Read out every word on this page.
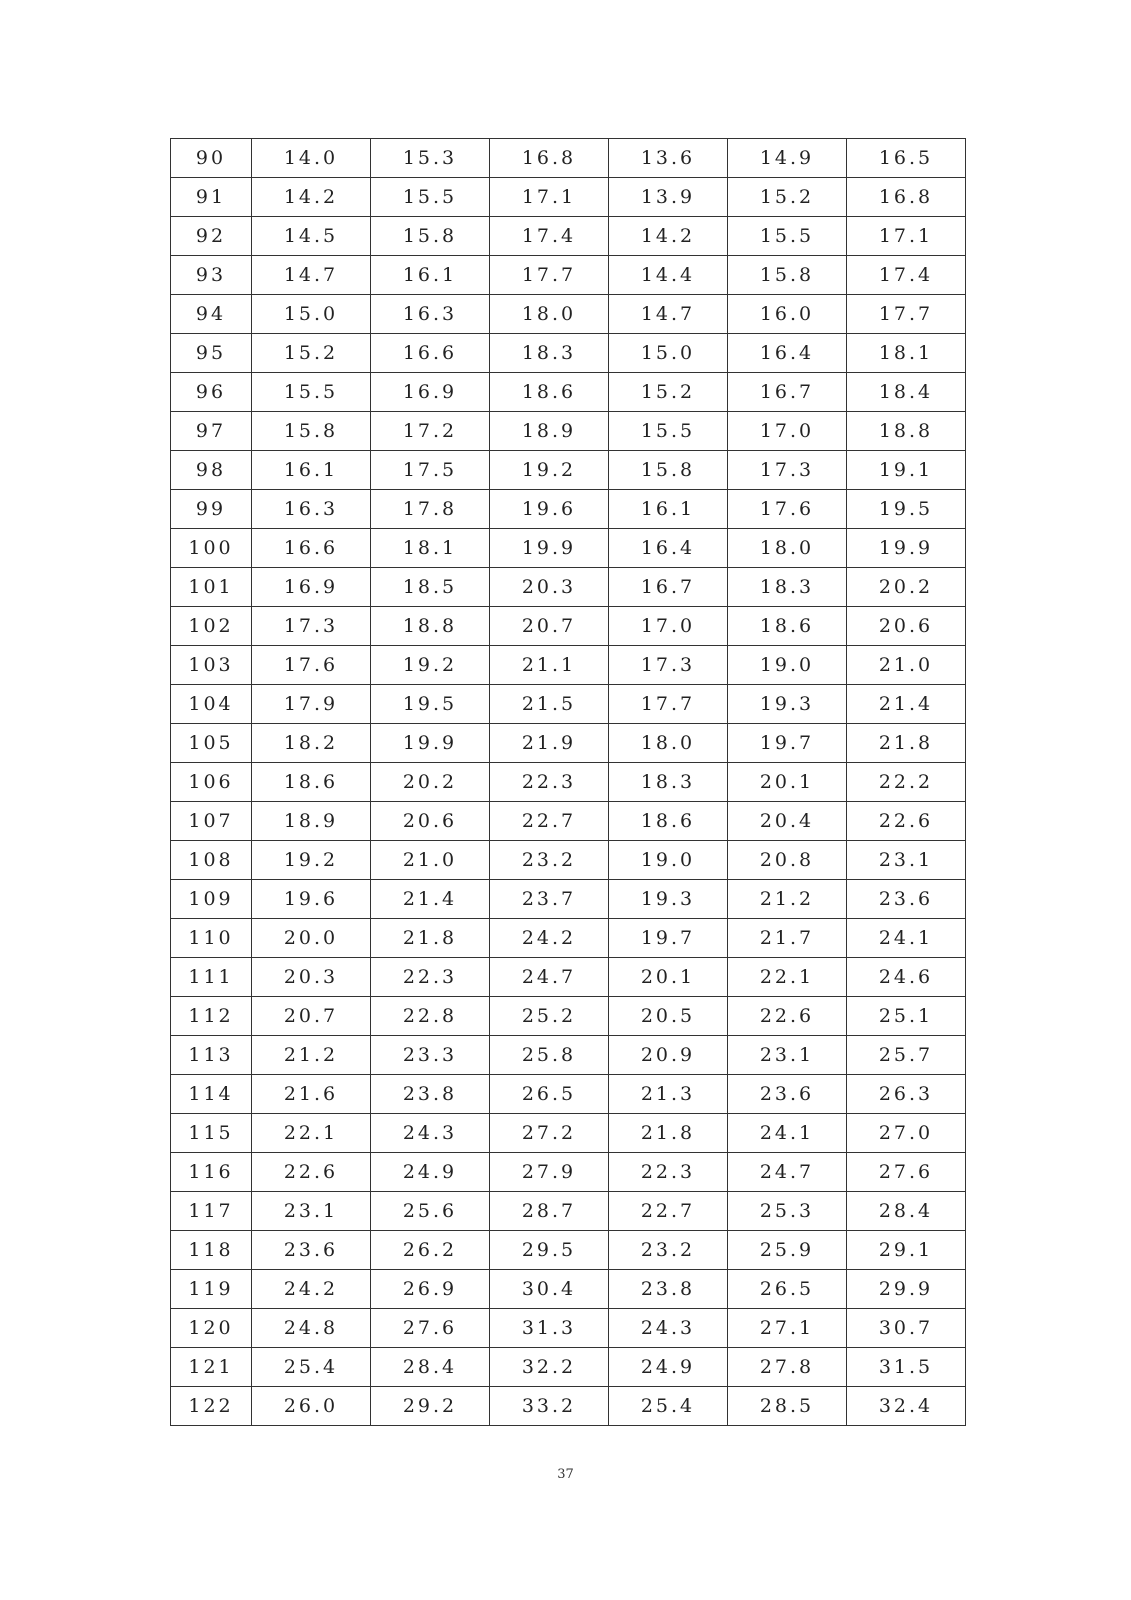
90	14.0	15.3	16.8	13.6	14.9	16.5
91	14.2	15.5	17.1	13.9	15.2	16.8
92	14.5	15.8	17.4	14.2	15.5	17.1
93	14.7	16.1	17.7	14.4	15.8	17.4
94	15.0	16.3	18.0	14.7	16.0	17.7
95	15.2	16.6	18.3	15.0	16.4	18.1
96	15.5	16.9	18.6	15.2	16.7	18.4
97	15.8	17.2	18.9	15.5	17.0	18.8
98	16.1	17.5	19.2	15.8	17.3	19.1
99	16.3	17.8	19.6	16.1	17.6	19.5
100	16.6	18.1	19.9	16.4	18.0	19.9
101	16.9	18.5	20.3	16.7	18.3	20.2
102	17.3	18.8	20.7	17.0	18.6	20.6
103	17.6	19.2	21.1	17.3	19.0	21.0
104	17.9	19.5	21.5	17.7	19.3	21.4
105	18.2	19.9	21.9	18.0	19.7	21.8
106	18.6	20.2	22.3	18.3	20.1	22.2
107	18.9	20.6	22.7	18.6	20.4	22.6
108	19.2	21.0	23.2	19.0	20.8	23.1
109	19.6	21.4	23.7	19.3	21.2	23.6
110	20.0	21.8	24.2	19.7	21.7	24.1
111	20.3	22.3	24.7	20.1	22.1	24.6
112	20.7	22.8	25.2	20.5	22.6	25.1
113	21.2	23.3	25.8	20.9	23.1	25.7
114	21.6	23.8	26.5	21.3	23.6	26.3
115	22.1	24.3	27.2	21.8	24.1	27.0
116	22.6	24.9	27.9	22.3	24.7	27.6
117	23.1	25.6	28.7	22.7	25.3	28.4
118	23.6	26.2	29.5	23.2	25.9	29.1
119	24.2	26.9	30.4	23.8	26.5	29.9
120	24.8	27.6	31.3	24.3	27.1	30.7
121	25.4	28.4	32.2	24.9	27.8	31.5
122	26.0	29.2	33.2	25.4	28.5	32.4
37
